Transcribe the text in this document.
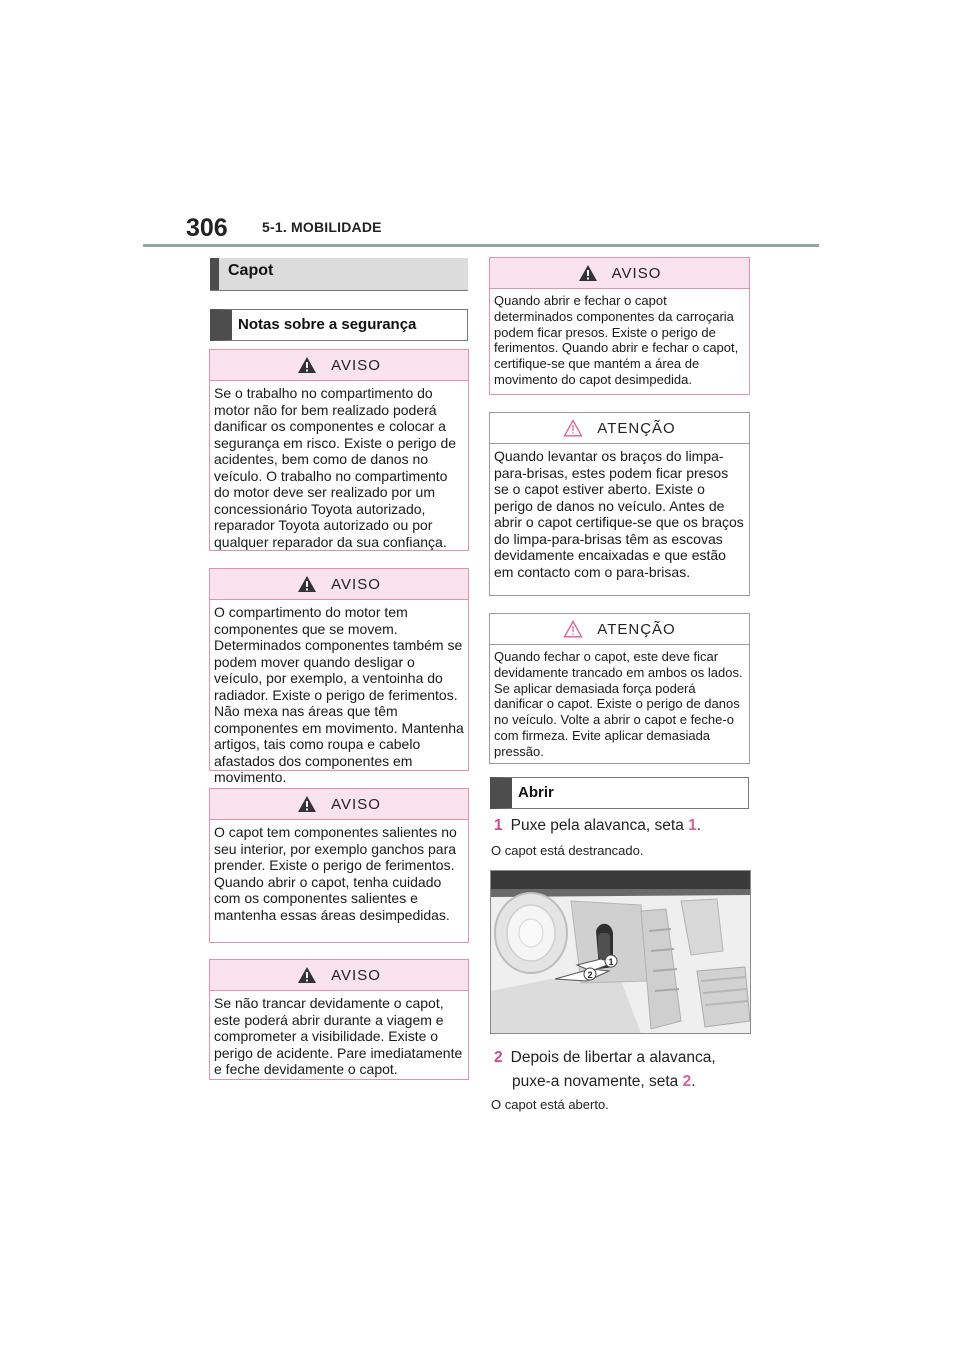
306 5-1. MOBILIDADE
Capot
Notas sobre a segurança
AVISO
Se o trabalho no compartimento do motor não for bem realizado poderá danificar os componentes e colocar a segurança em risco. Existe o perigo de acidentes, bem como de danos no veículo. O trabalho no compartimento do motor deve ser realizado por um concessionário Toyota autorizado, reparador Toyota autorizado ou por qualquer reparador da sua confiança.
AVISO
O compartimento do motor tem componentes que se movem. Determinados componentes também se podem mover quando desligar o veículo, por exemplo, a ventoinha do radiador. Existe o perigo de ferimentos. Não mexa nas áreas que têm componentes em movimento. Mantenha artigos, tais como roupa e cabelo afastados dos componentes em movimento.
AVISO
O capot tem componentes salientes no seu interior, por exemplo ganchos para prender. Existe o perigo de ferimentos. Quando abrir o capot, tenha cuidado com os componentes salientes e mantenha essas áreas desimpedidas.
AVISO
Se não trancar devidamente o capot, este poderá abrir durante a viagem e comprometer a visibilidade. Existe o perigo de acidente. Pare imediatamente e feche devidamente o capot.
AVISO
Quando abrir e fechar o capot determinados componentes da carroçaria podem ficar presos. Existe o perigo de ferimentos. Quando abrir e fechar o capot, certifique-se que mantém a área de movimento do capot desimpedida.
ATENÇÃO
Quando levantar os braços do limpa-para-brisas, estes podem ficar presos se o capot estiver aberto. Existe o perigo de danos no veículo. Antes de abrir o capot certifique-se que os braços do limpa-para-brisas têm as escovas devidamente encaixadas e que estão em contacto com o para-brisas.
ATENÇÃO
Quando fechar o capot, este deve ficar devidamente trancado em ambos os lados. Se aplicar demasiada força poderá danificar o capot. Existe o perigo de danos no veículo. Volte a abrir o capot e feche-o com firmeza. Evite aplicar demasiada pressão.
Abrir
1 Puxe pela alavanca, seta 1.
O capot está destrancado.
2
1
2 Depois de libertar a alavanca,
puxe-a novamente, seta 2.
O capot está aberto.
